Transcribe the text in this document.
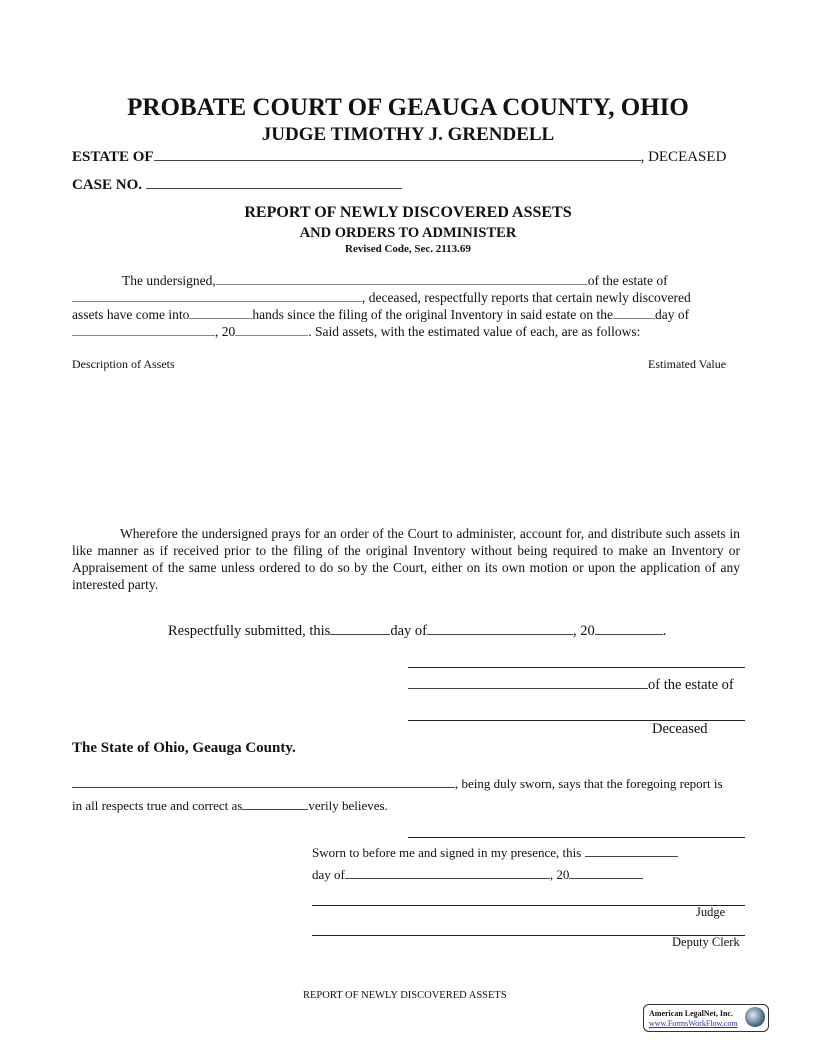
PROBATE COURT OF GEAUGA COUNTY, OHIO
JUDGE TIMOTHY J. GRENDELL
ESTATE OF	, DECEASED
CASE NO.
REPORT OF NEWLY DISCOVERED ASSETS
AND ORDERS TO ADMINISTER
Revised Code, Sec. 2113.69
The undersigned,	of the estate of
, deceased, respectfully reports that certain newly discovered
assets have come into	hands since the filing of the original Inventory in said estate on the	day of
, 20	. Said assets, with the estimated value of each, are as follows:
Description of Assets	Estimated Value
Wherefore the undersigned prays for an order of the Court to administer, account for, and distribute such assets in like manner as if received prior to the filing of the original Inventory without being required to make an Inventory or Appraisement of the same unless ordered to do so by the Court, either on its own motion or upon the application of any interested party.
Respectfully submitted, this	day of	, 20	.
of the estate of
Deceased
The State of Ohio, Geauga County.
, being duly sworn, says that the foregoing report is
in all respects true and correct as	verily believes.
Sworn to before me and signed in my presence, this
day of	, 20
Judge
Deputy Clerk
REPORT OF NEWLY DISCOVERED ASSETS
American LegalNet, Inc.
www.FormsWorkFlow.com
